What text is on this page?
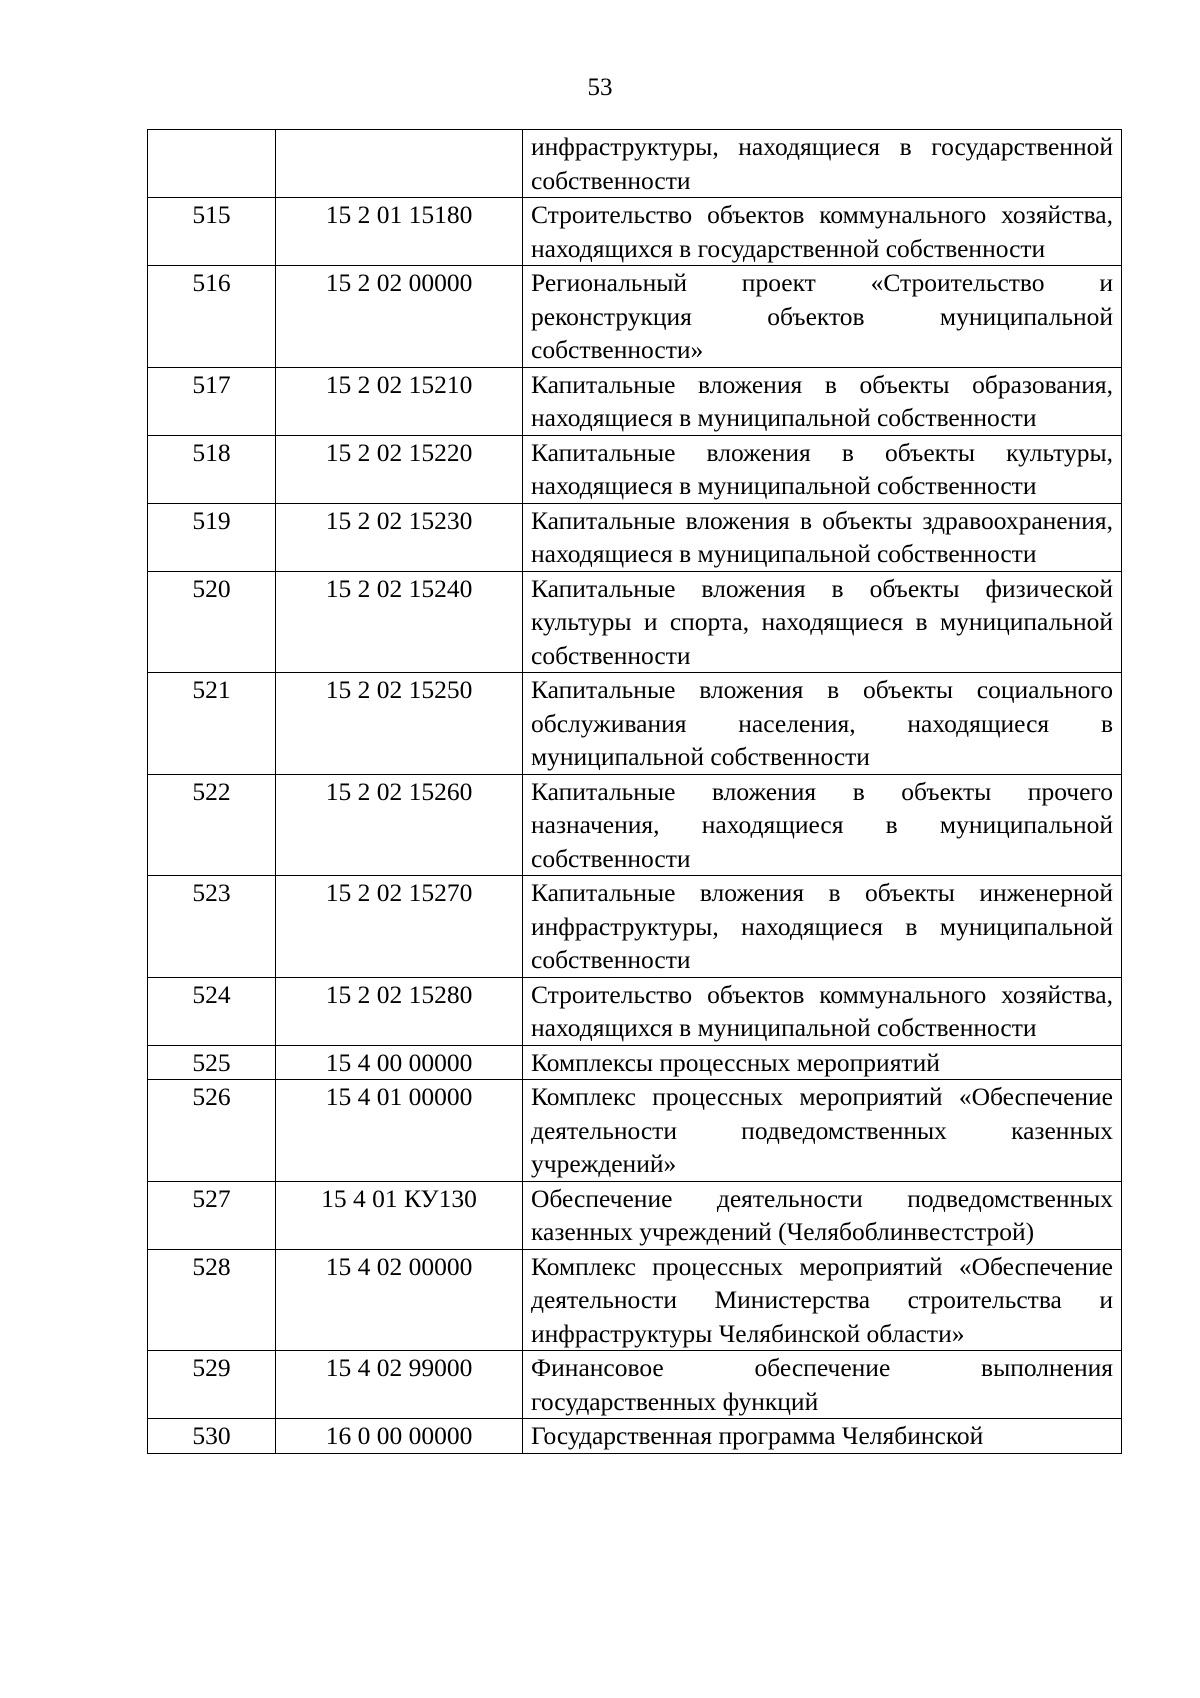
53
		инфраструктуры, находящиеся в государственной собственности
515	15 2 01 15180	Строительство объектов коммунального хозяйства, находящихся в государственной собственности
516	15 2 02 00000	Региональный проект «Строительство и реконструкция объектов муниципальной собственности»
517	15 2 02 15210	Капитальные вложения в объекты образования, находящиеся в муниципальной собственности
518	15 2 02 15220	Капитальные вложения в объекты культуры, находящиеся в муниципальной собственности
519	15 2 02 15230	Капитальные вложения в объекты здравоохранения, находящиеся в муниципальной собственности
520	15 2 02 15240	Капитальные вложения в объекты физической культуры и спорта, находящиеся в муниципальной собственности
521	15 2 02 15250	Капитальные вложения в объекты социального обслуживания населения, находящиеся в муниципальной собственности
522	15 2 02 15260	Капитальные вложения в объекты прочего назначения, находящиеся в муниципальной собственности
523	15 2 02 15270	Капитальные вложения в объекты инженерной инфраструктуры, находящиеся в муниципальной собственности
524	15 2 02 15280	Строительство объектов коммунального хозяйства, находящихся в муниципальной собственности
525	15 4 00 00000	Комплексы процессных мероприятий
526	15 4 01 00000	Комплекс процессных мероприятий «Обеспечение деятельности подведомственных казенных учреждений»
527	15 4 01 КУ130	Обеспечение деятельности подведомственных казенных учреждений (Челябоблинвестстрой)
528	15 4 02 00000	Комплекс процессных мероприятий «Обеспечение деятельности Министерства строительства и инфраструктуры Челябинской области»
529	15 4 02 99000	Финансовое обеспечение выполнения государственных функций
530	16 0 00 00000	Государственная программа Челябинской
